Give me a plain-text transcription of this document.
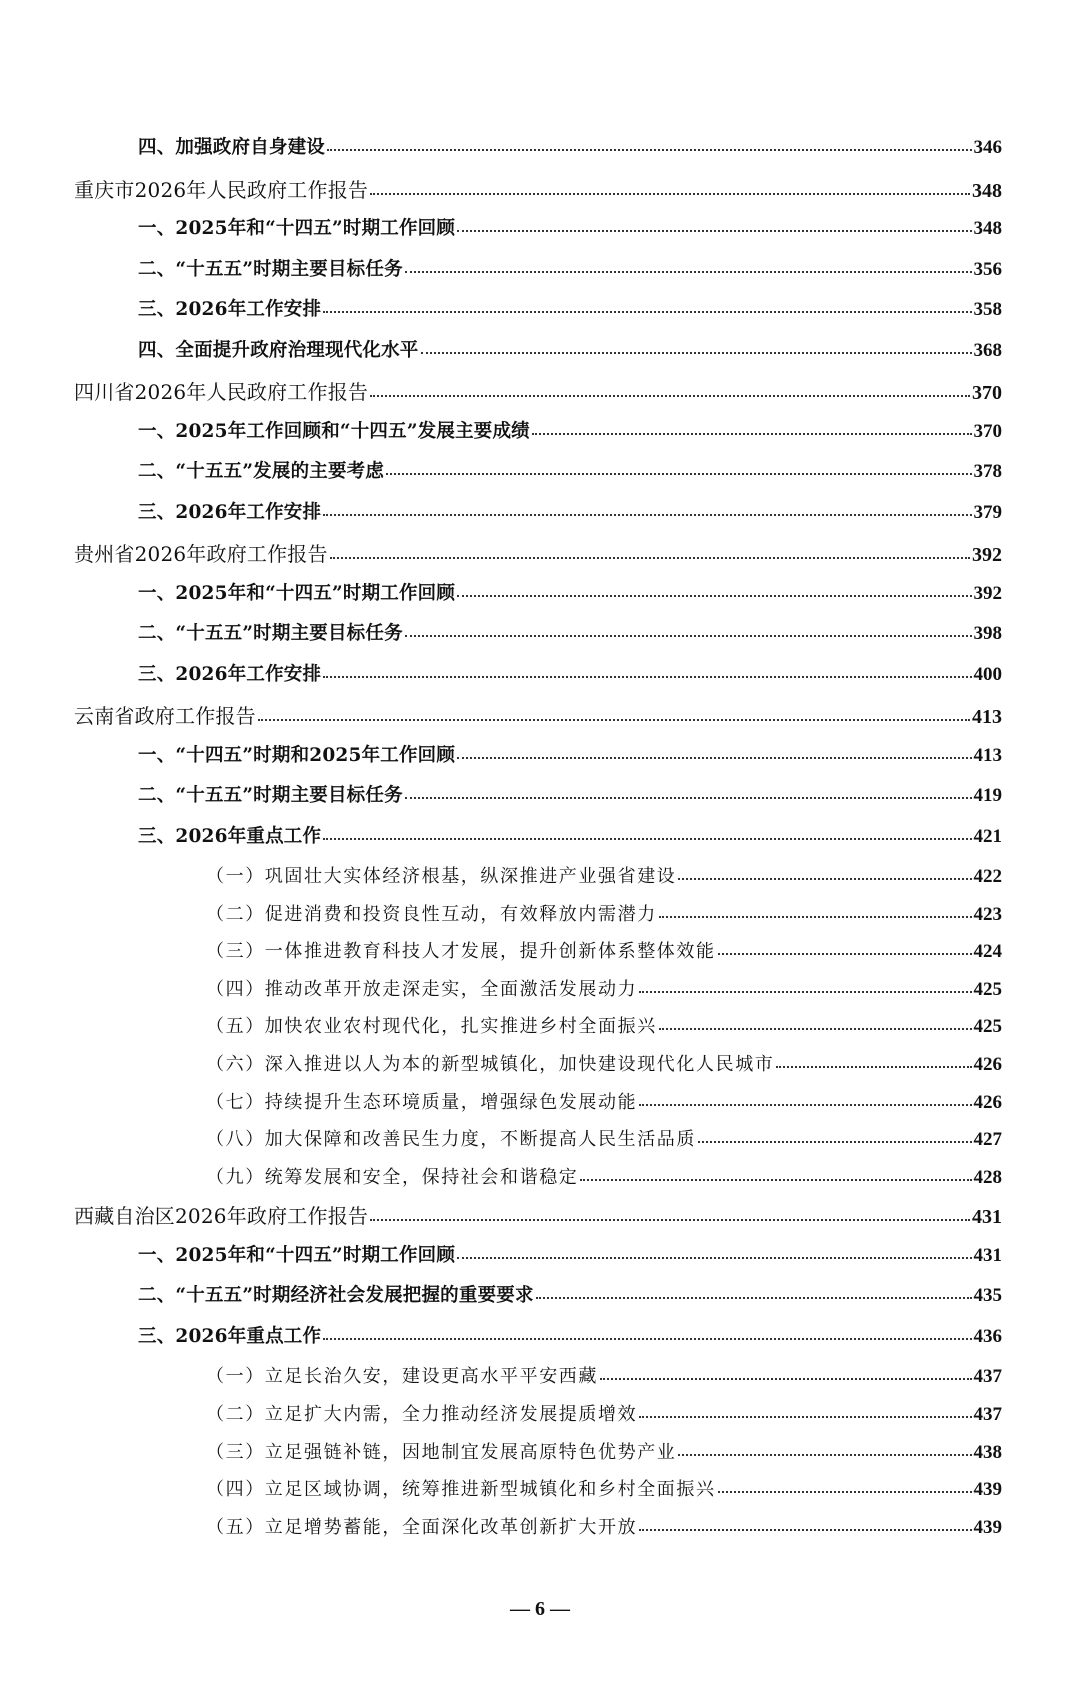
四、加强政府自身建设	346
重庆市2026年人民政府工作报告	348
一、2025年和“十四五”时期工作回顾	348
二、“十五五”时期主要目标任务	356
三、2026年工作安排	358
四、全面提升政府治理现代化水平	368
四川省2026年人民政府工作报告	370
一、2025年工作回顾和“十四五”发展主要成绩	370
二、“十五五”发展的主要考虑	378
三、2026年工作安排	379
贵州省2026年政府工作报告	392
一、2025年和“十四五”时期工作回顾	392
二、“十五五”时期主要目标任务	398
三、2026年工作安排	400
云南省政府工作报告	413
一、“十四五”时期和2025年工作回顾	413
二、“十五五”时期主要目标任务	419
三、2026年重点工作	421
（一）巩固壮大实体经济根基，纵深推进产业强省建设	422
（二）促进消费和投资良性互动，有效释放内需潜力	423
（三）一体推进教育科技人才发展，提升创新体系整体效能	424
（四）推动改革开放走深走实，全面激活发展动力	425
（五）加快农业农村现代化，扎实推进乡村全面振兴	425
（六）深入推进以人为本的新型城镇化，加快建设现代化人民城市	426
（七）持续提升生态环境质量，增强绿色发展动能	426
（八）加大保障和改善民生力度，不断提高人民生活品质	427
（九）统筹发展和安全，保持社会和谐稳定	428
西藏自治区2026年政府工作报告	431
一、2025年和“十四五”时期工作回顾	431
二、“十五五”时期经济社会发展把握的重要要求	435
三、2026年重点工作	436
（一）立足长治久安，建设更高水平平安西藏	437
（二）立足扩大内需，全力推动经济发展提质增效	437
（三）立足强链补链，因地制宜发展高原特色优势产业	438
（四）立足区域协调，统筹推进新型城镇化和乡村全面振兴	439
（五）立足增势蓄能，全面深化改革创新扩大开放	439
— 6 —
